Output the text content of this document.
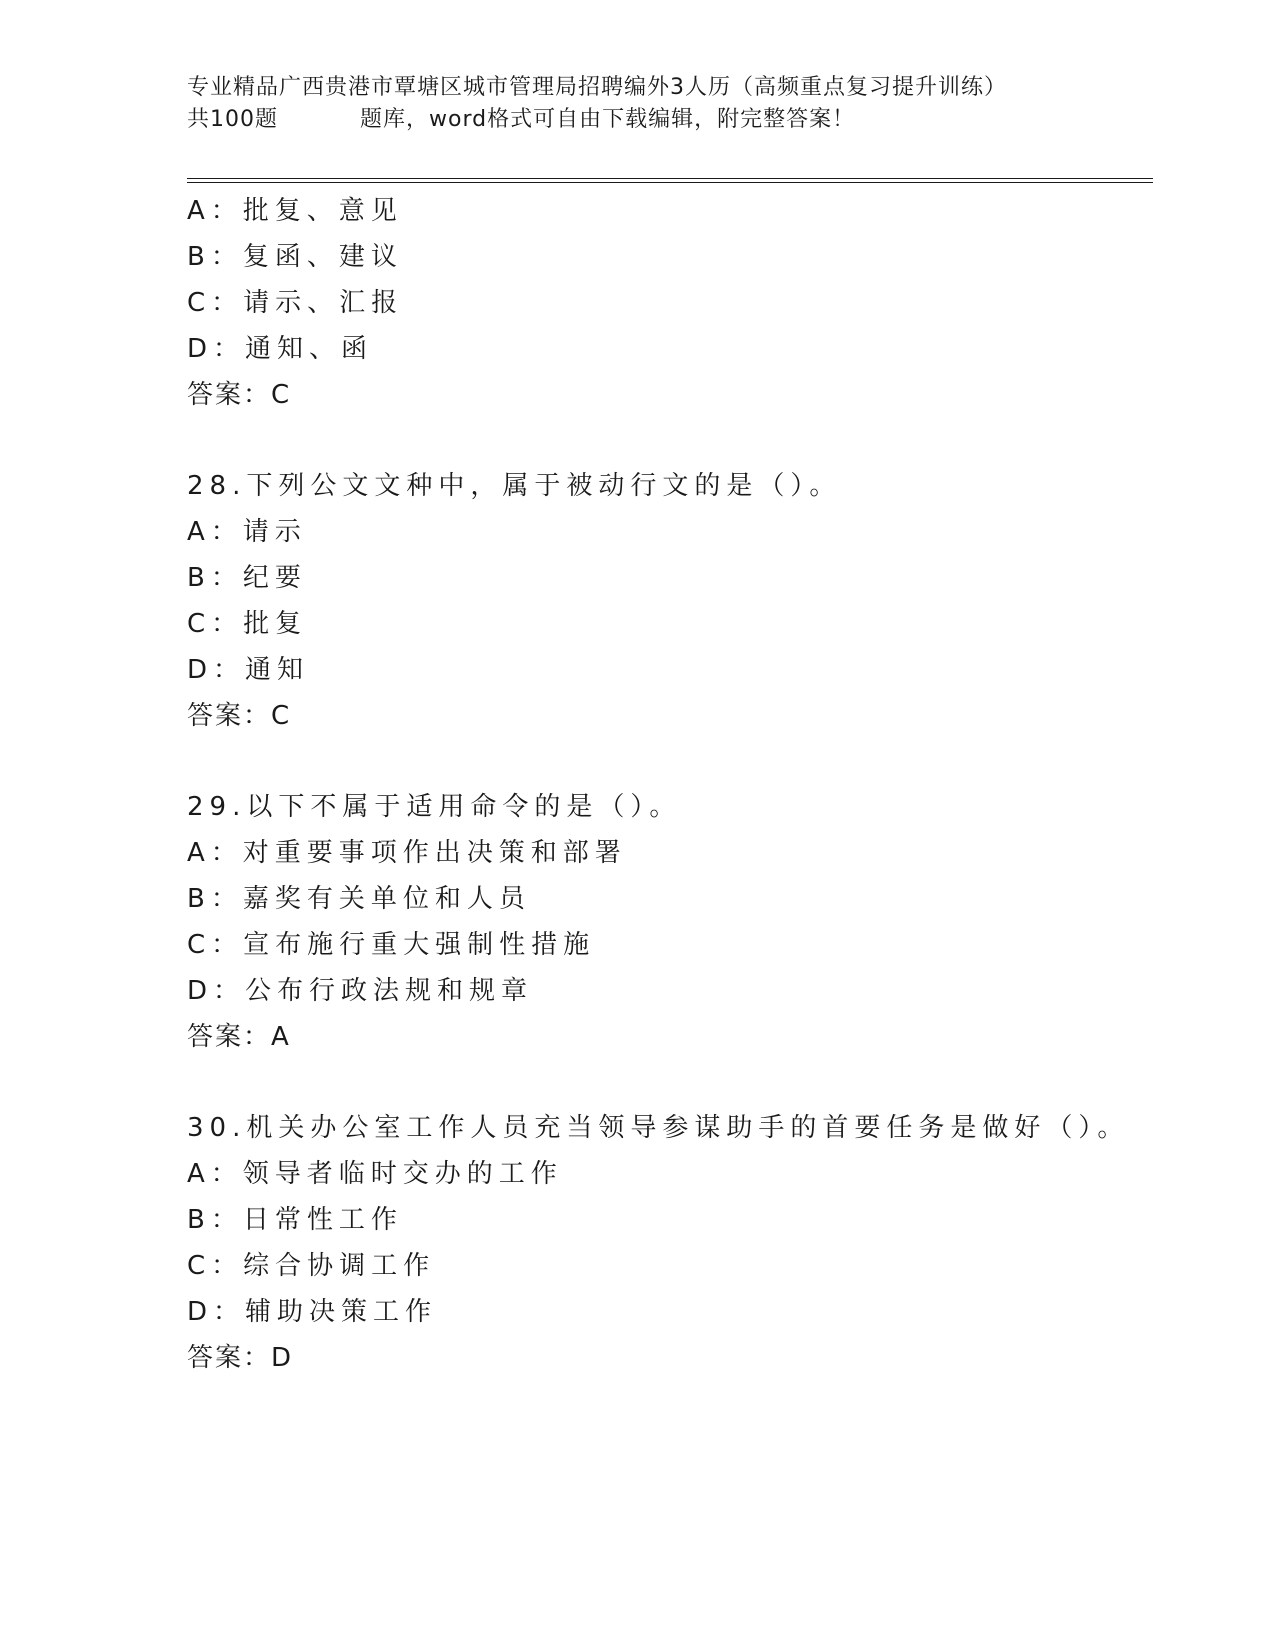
专业精品广西贵港市覃塘区城市管理局招聘编外3人历（高频重点复习提升训练）
共100题	题库，word格式可自由下载编辑，附完整答案！
A：批复、意见
B：复函、建议
C：请示、汇报
D：通知、函
答案：C
28.下列公文文种中，属于被动行文的是（）。
A：请示
B：纪要
C：批复
D：通知
答案：C
29.以下不属于适用命令的是（）。
A：对重要事项作出决策和部署
B：嘉奖有关单位和人员
C：宣布施行重大强制性措施
D：公布行政法规和规章
答案：A
30.机关办公室工作人员充当领导参谋助手的首要任务是做好（）。
A：领导者临时交办的工作
B：日常性工作
C：综合协调工作
D：辅助决策工作
答案：D
